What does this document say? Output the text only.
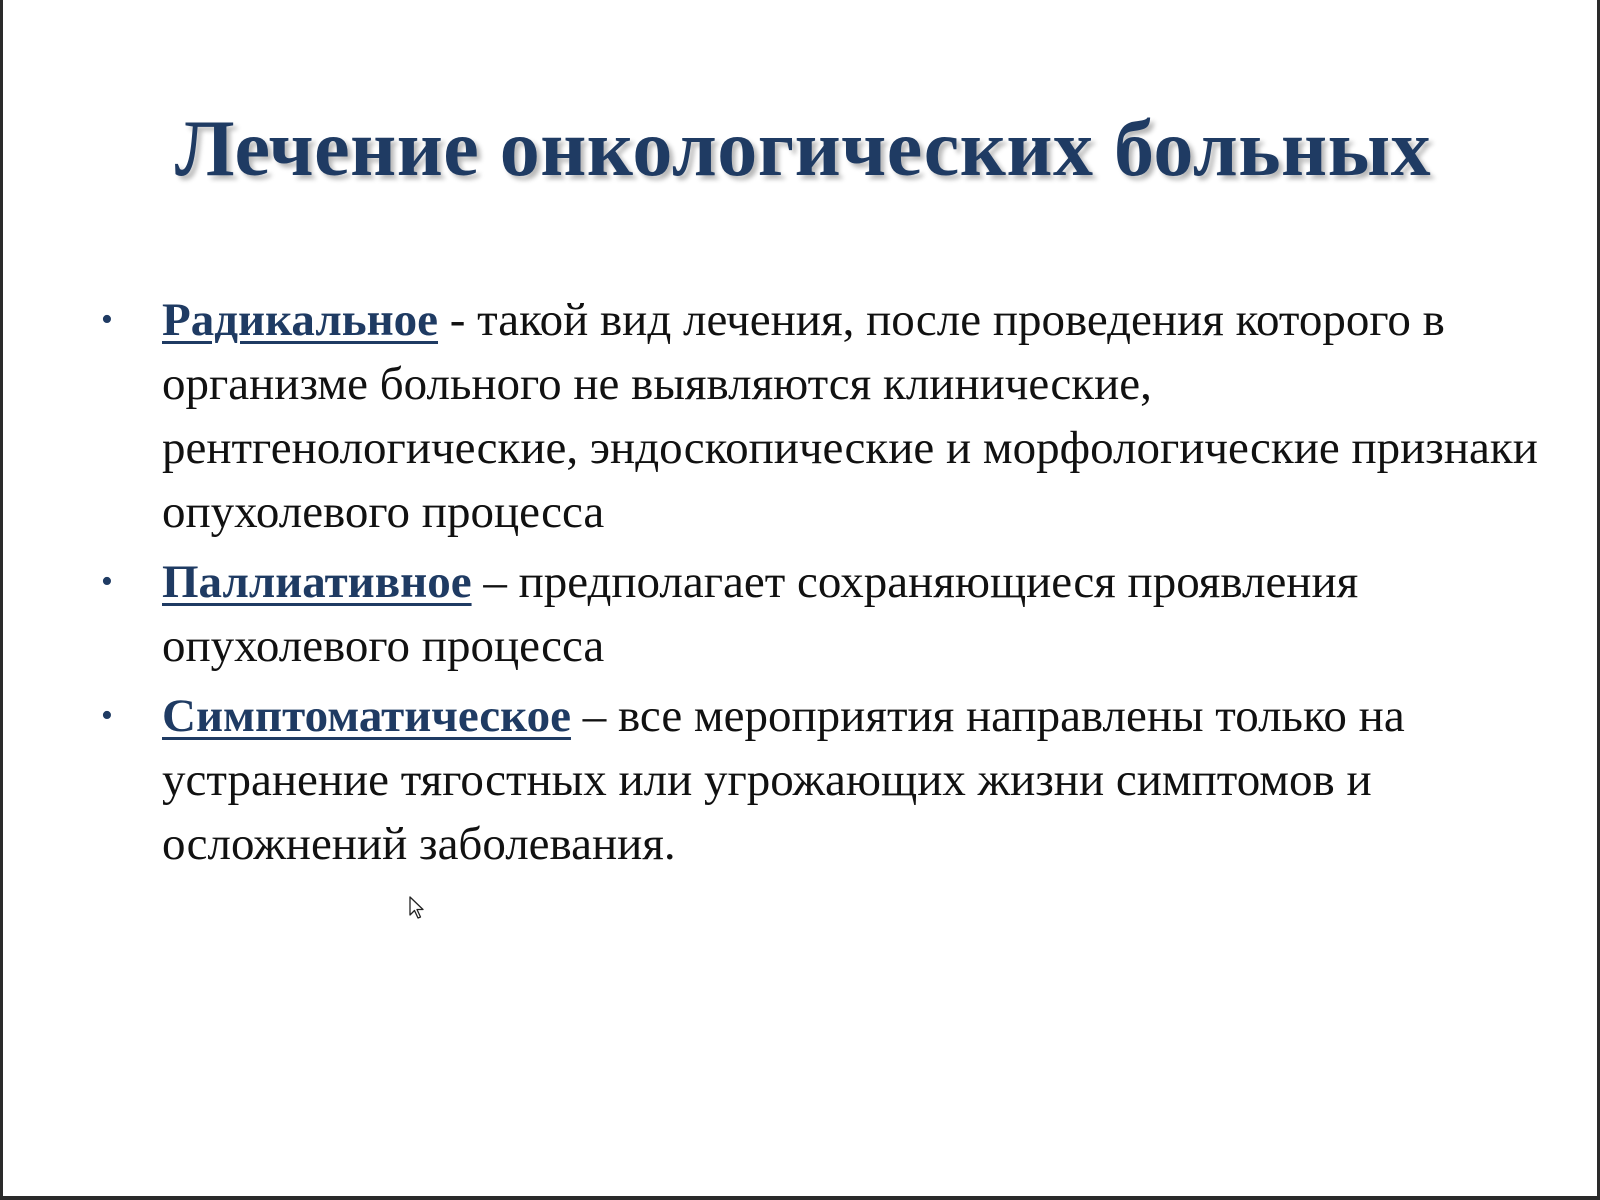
Лечение онкологических больных
• Радикальное - такой вид лечения, после проведения которого в организме больного не выявляются клинические, рентгенологические, эндоскопические и морфологические признаки опухолевого процесса
• Паллиативное – предполагает сохраняющиеся проявления опухолевого процесса
• Симптоматическое – все мероприятия направлены только на устранение тягостных или угрожающих жизни симптомов и осложнений заболевания.
